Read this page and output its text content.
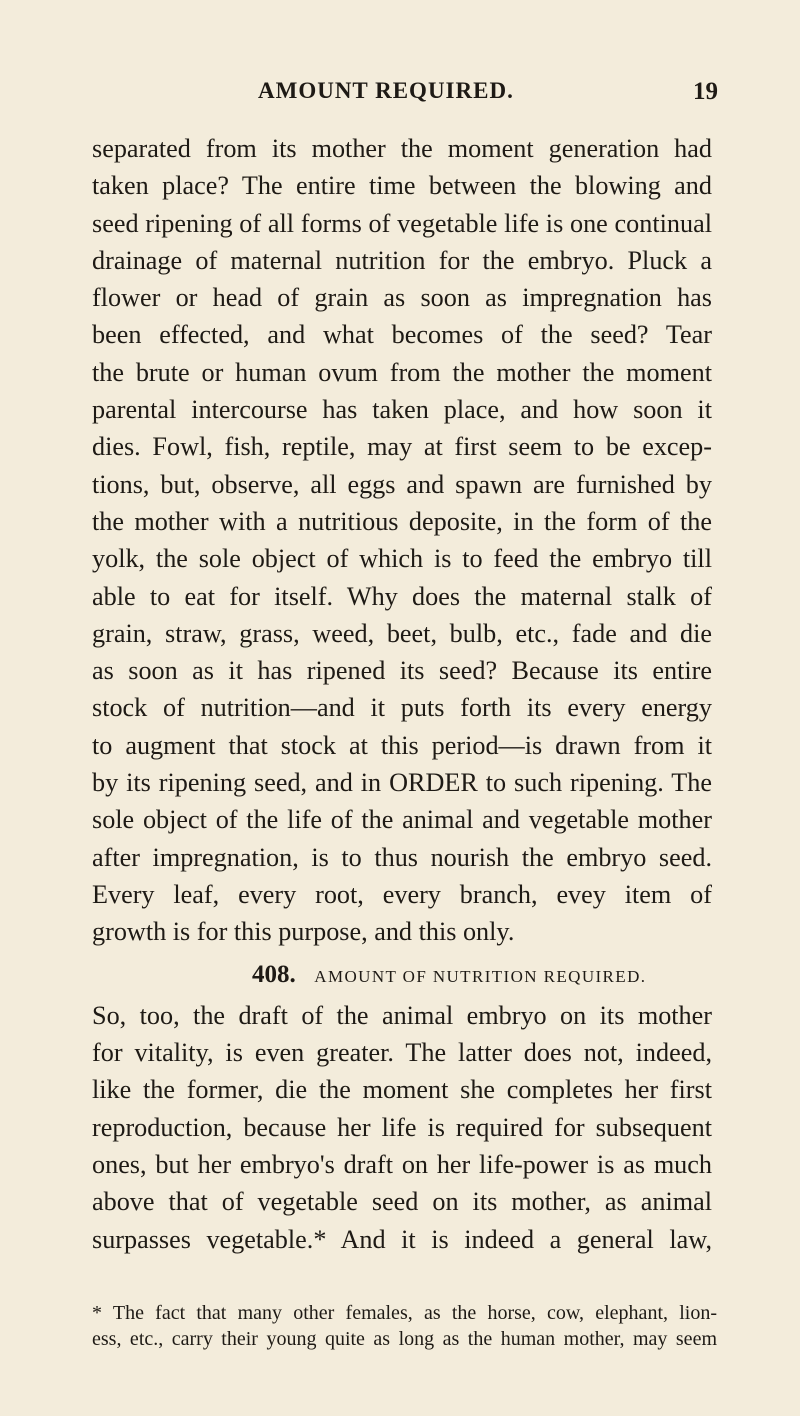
AMOUNT REQUIRED.	19
separated from its mother the moment generation had
taken place? The entire time between the blowing and
seed ripening of all forms of vegetable life is one continual
drainage of maternal nutrition for the embryo. Pluck a
flower or head of grain as soon as impregnation has
been effected, and what becomes of the seed? Tear
the brute or human ovum from the mother the moment
parental intercourse has taken place, and how soon it
dies. Fowl, fish, reptile, may at first seem to be excep-
tions, but, observe, all eggs and spawn are furnished by
the mother with a nutritious deposite, in the form of the
yolk, the sole object of which is to feed the embryo till
able to eat for itself. Why does the maternal stalk of
grain, straw, grass, weed, beet, bulb, etc., fade and die
as soon as it has ripened its seed? Because its entire
stock of nutrition—and it puts forth its every energy
to augment that stock at this period—is drawn from it
by its ripening seed, and in ORDER to such ripening. The
sole object of the life of the animal and vegetable mother
after impregnation, is to thus nourish the embryo seed.
Every leaf, every root, every branch, evey item of
growth is for this purpose, and this only.
408. AMOUNT OF NUTRITION REQUIRED.
So, too, the draft of the animal embryo on its mother
for vitality, is even greater. The latter does not, indeed,
like the former, die the moment she completes her first
reproduction, because her life is required for subsequent
ones, but her embryo's draft on her life-power is as much
above that of vegetable seed on its mother, as animal
surpasses vegetable.* And it is indeed a general law,
* The fact that many other females, as the horse, cow, elephant, lion-
ess, etc., carry their young quite as long as the human mother, may seem
